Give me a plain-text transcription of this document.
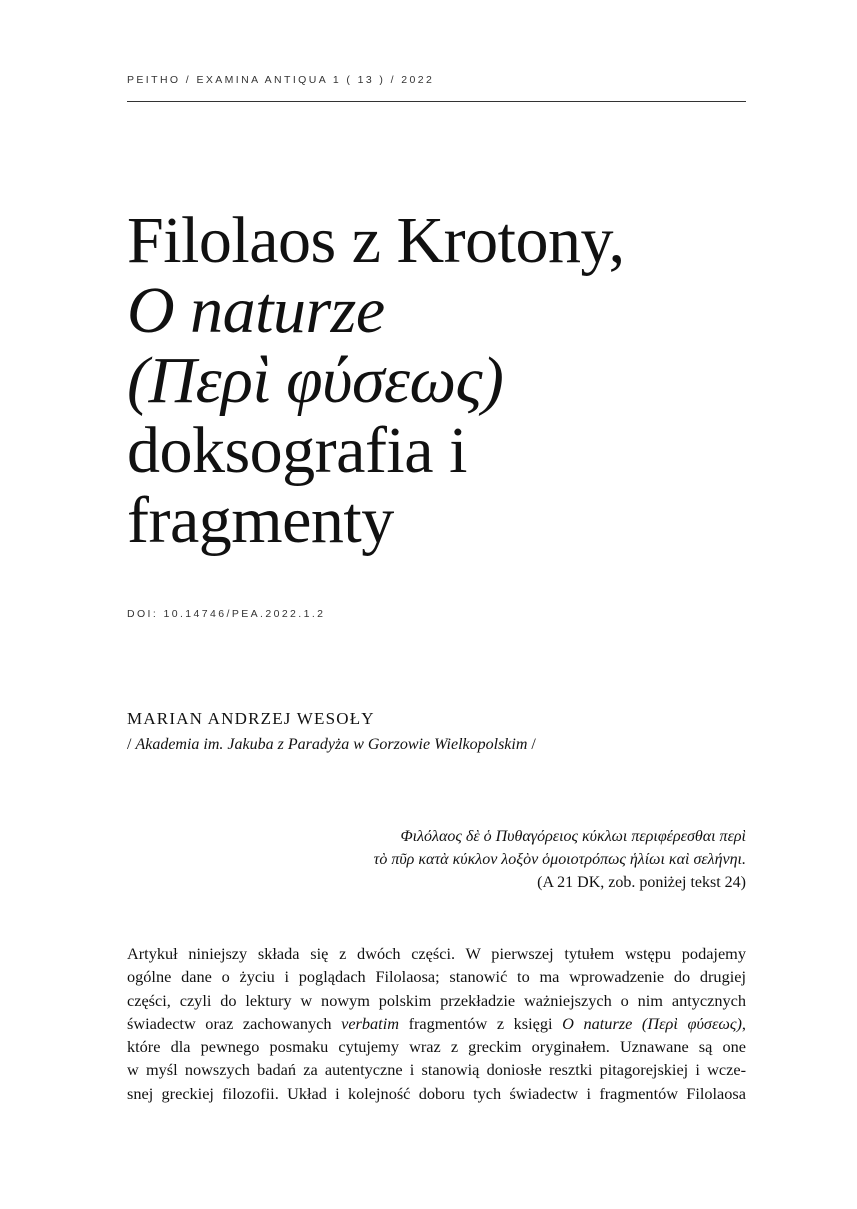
PEITHO / EXAMINA ANTIQUA 1 ( 13 ) / 2022
Filolaos z Krotony,
O naturze
(Περὶ φύσεως)
doksografia i
fragmenty
DOI: 10.14746/PEA.2022.1.2
MARIAN ANDRZEJ WESOŁY
/ Akademia im. Jakuba z Paradyża w Gorzowie Wielkopolskim /
Φιλόλαος δὲ ὁ Πυθαγόρειος κύκλωι περιφέρεσθαι περὶ
τὸ πῦρ κατὰ κύκλον λοξὸν ὁμοιοτρόπως ἡλίωι καὶ σελήνηι.
(A 21 DK, zob. poniżej tekst 24)
Artykuł niniejszy składa się z dwóch części. W pierwszej tytułem wstępu podajemy
ogólne dane o życiu i poglądach Filolaosa; stanowić to ma wprowadzenie do drugiej
części, czyli do lektury w nowym polskim przekładzie ważniejszych o nim antycznych
świadectw oraz zachowanych verbatim fragmentów z księgi O naturze (Περὶ φύσεως),
które dla pewnego posmaku cytujemy wraz z greckim oryginałem. Uznawane są one
w myśl nowszych badań za autentyczne i stanowią doniosłe resztki pitagorejskiej i wcze-
snej greckiej filozofii. Układ i kolejność doboru tych świadectw i fragmentów Filolaosa
